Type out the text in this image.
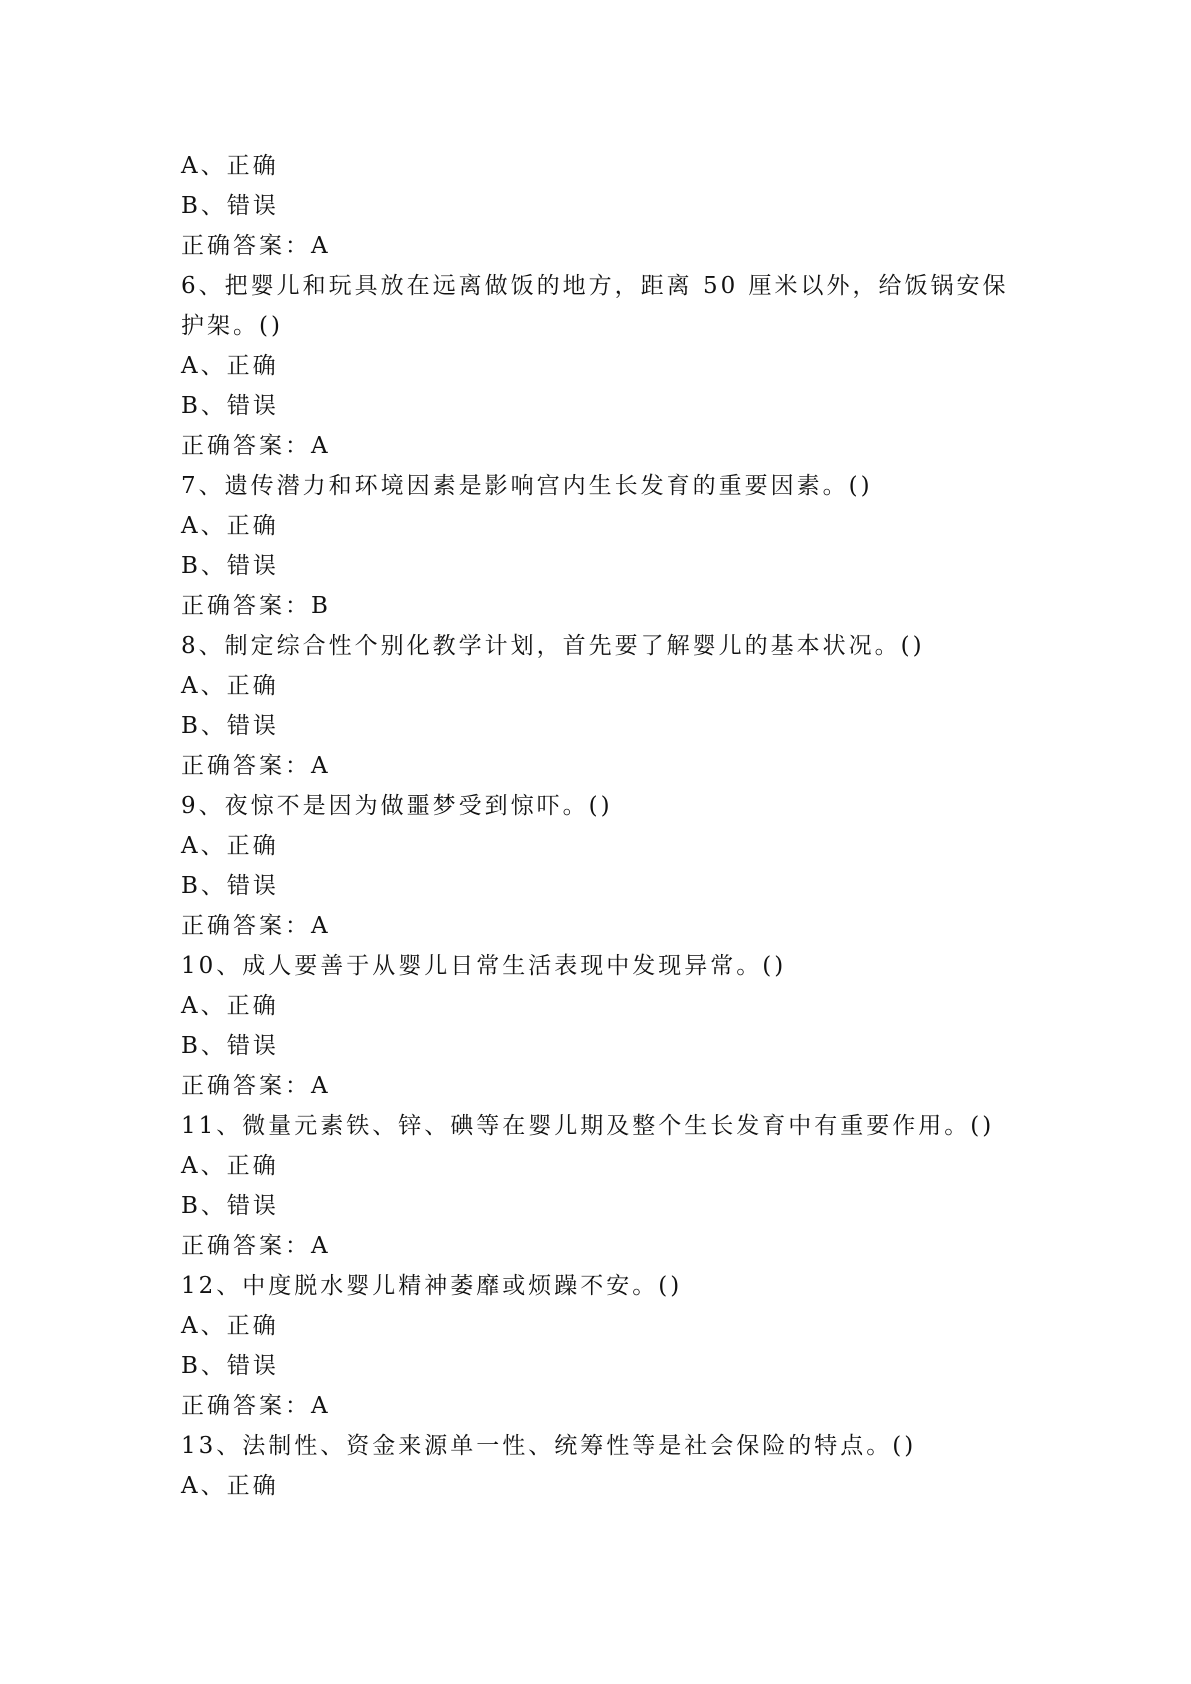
A、正确
B、错误
正确答案：A
6、把婴儿和玩具放在远离做饭的地方，距离 50 厘米以外，给饭锅安保
护架。()
A、正确
B、错误
正确答案：A
7、遗传潜力和环境因素是影响宫内生长发育的重要因素。()
A、正确
B、错误
正确答案：B
8、制定综合性个别化教学计划，首先要了解婴儿的基本状况。()
A、正确
B、错误
正确答案：A
9、夜惊不是因为做噩梦受到惊吓。()
A、正确
B、错误
正确答案：A
10、成人要善于从婴儿日常生活表现中发现异常。()
A、正确
B、错误
正确答案：A
11、微量元素铁、锌、碘等在婴儿期及整个生长发育中有重要作用。()
A、正确
B、错误
正确答案：A
12、中度脱水婴儿精神萎靡或烦躁不安。()
A、正确
B、错误
正确答案：A
13、法制性、资金来源单一性、统筹性等是社会保险的特点。()
A、正确
